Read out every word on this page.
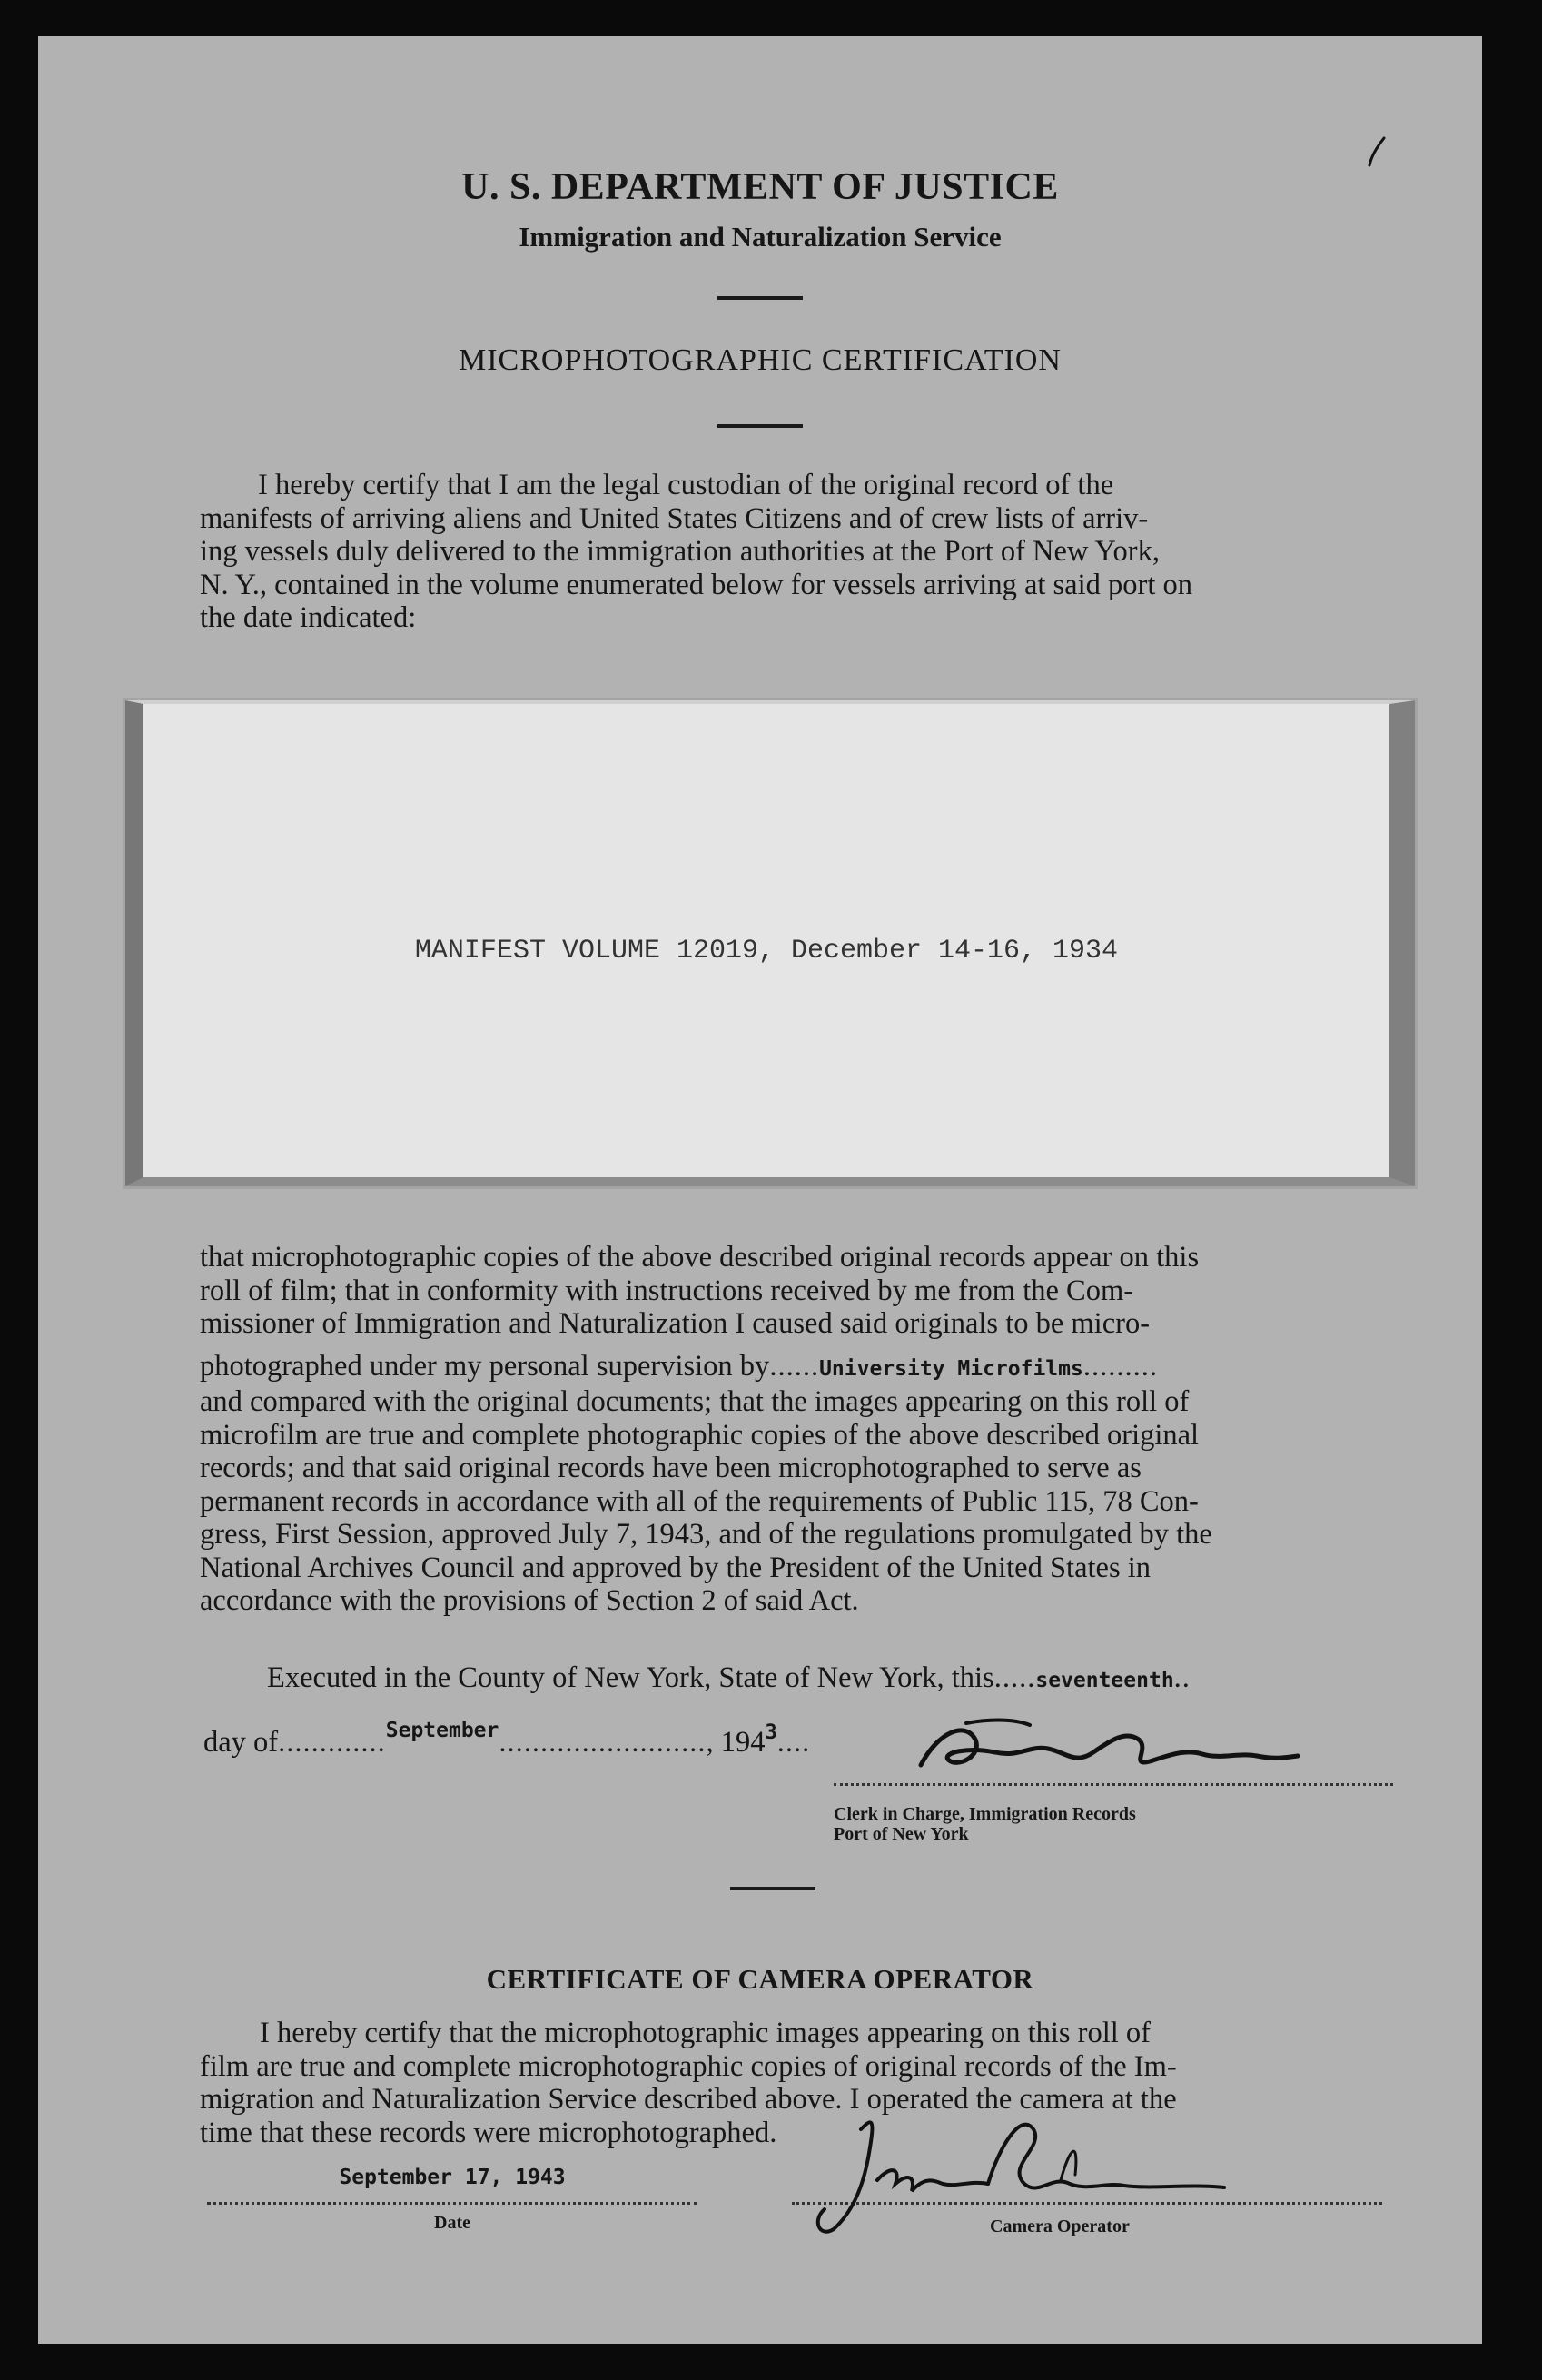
U. S. DEPARTMENT OF JUSTICE
Immigration and Naturalization Service
MICROPHOTOGRAPHIC CERTIFICATION

I hereby certify that I am the legal custodian of the original record of the

manifests of arriving aliens and United States Citizens and of crew lists of arriv-

ing vessels duly delivered to the immigration authorities at the Port of New York,

N. Y., contained in the volume enumerated below for vessels arriving at said port on

the date indicated:

MANIFEST VOLUME 12019, December 14-16, 1934

that microphotographic copies of the above described original records appear on this

roll of film; that in conformity with instructions received by me from the Com-

missioner of Immigration and Naturalization I caused said originals to be micro-

photographed under my personal supervision by......University Microfilms.........

and compared with the original documents; that the images appearing on this roll of

microfilm are true and complete photographic copies of the above described original

records; and that said original records have been microphotographed to serve as

permanent records in accordance with all of the requirements of Public 115, 78 Con-

gress, First Session, approved July 7, 1943, and of the regulations promulgated by the

National Archives Council and approved by the President of the United States in

accordance with the provisions of Section 2 of said Act.

Executed in the County of New York, State of New York, this.....seventeenth..
day of.............$^{September}$........................., $194^3$....
Clerk in Charge, Immigration Records
Port of New York
CERTIFICATE OF CAMERA OPERATOR

I hereby certify that the microphotographic images appearing on this roll of

film are true and complete microphotographic copies of original records of the Im-

migration and Naturalization Service described above. I operated the camera at the

time that these records were microphotographed.

September 17, 1943
Date	Camera Operator
